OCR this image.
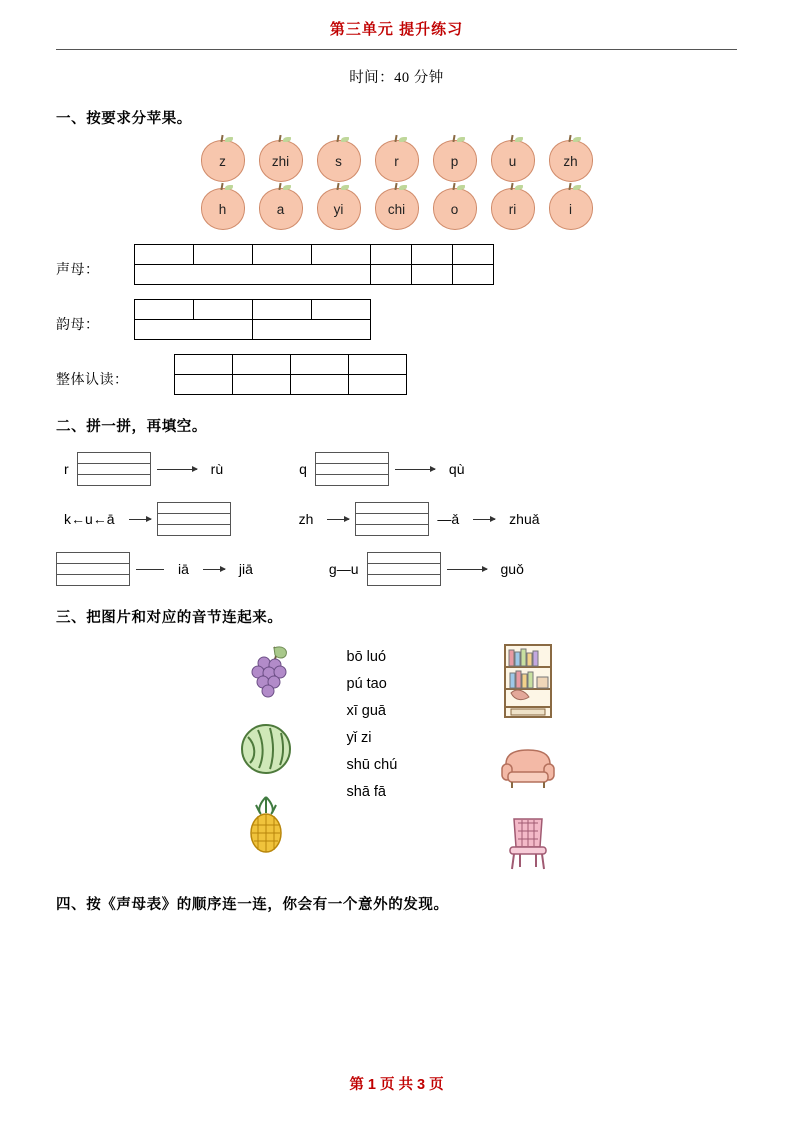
第三单元 提升练习
时间：40 分钟
一、按要求分苹果。
z	zhi	s	r	p	u	zh
h	a	yi	chi	o	ri	i
声母：

韵母：

整体认读：

二、拼一拼，再填空。
r	rù	q	qù
k←u←ā	zh	—ǎ	zhuǎ
iā	jiā	g—u	guǒ
三、把图片和对应的音节连起来。
bō luó
pú tao
xī guā
yǐ zi
shū chú
shā fā
四、按《声母表》的顺序连一连，你会有一个意外的发现。
第 1 页 共 3 页
